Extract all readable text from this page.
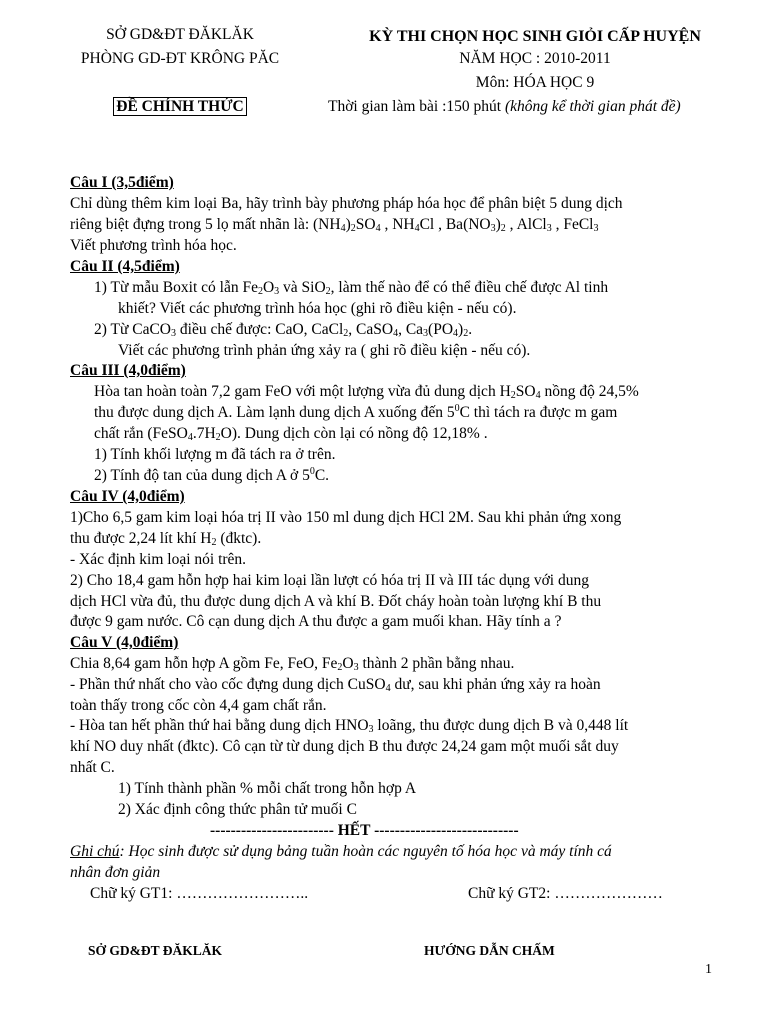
SỞ GD&ĐT ĐĂKLĂK
PHÒNG GD-ĐT KRÔNG PĂC
ĐỀ CHÍNH THỨC
KỲ THI CHỌN HỌC SINH GIỎI CẤP HUYỆN
NĂM HỌC : 2010-2011
Môn: HÓA HỌC 9
Thời gian làm bài :150 phút (không kể thời gian phát đề)
Câu I (3,5điểm)
Chỉ dùng thêm kim loại Ba, hãy trình bày phương pháp hóa học để phân biệt 5 dung dịch
riêng biệt đựng trong 5 lọ mất nhãn là: $(NH_4)_2SO_4$ , $NH_4Cl$ , $Ba(NO_3)_2$ , AlCl$_3$ , FeCl$_3$
Viết phương trình hóa học.
Câu II (4,5điểm)
1) Từ mẫu Boxit có lẫn $Fe_2O_3$ và SiO$_2$, làm thế nào để có thể điều chế được Al tinh
khiết? Viết các phương trình hóa học (ghi rõ điều kiện - nếu có).
2) Từ CaCO$_3$ điều chế được: CaO, CaCl$_2$, CaSO$_4$, $Ca_3(PO_4)_2$.
Viết các phương trình phản ứng xảy ra ( ghi rõ điều kiện - nếu có).
Câu III (4,0điểm)
Hòa tan hoàn toàn 7,2 gam FeO với một lượng vừa đủ dung dịch $H_2SO_4$ nồng độ 24,5%
thu được dung dịch A. Làm lạnh dung dịch A xuống đến $5^0C$ thì tách ra được m gam
chất rắn $(FeSO_4.7H_2O)$. Dung dịch còn lại có nồng độ 12,18% .
1) Tính khối lượng m đã tách ra ở trên.
2) Tính độ tan của dung dịch A ở $5^0C$.
Câu IV (4,0điểm)
1)Cho 6,5 gam kim loại hóa trị II vào 150 ml dung dịch HCl 2M. Sau khi phản ứng xong
thu được 2,24 lít khí $H_2$ (đktc).
- Xác định kim loại nói trên.
2) Cho 18,4 gam hỗn hợp hai kim loại lần lượt có hóa trị II và III tác dụng với dung
dịch HCl vừa đủ, thu được dung dịch A và khí B. Đốt cháy hoàn toàn lượng khí B thu
được 9 gam nước. Cô cạn dung dịch A thu được a gam muối khan. Hãy tính a ?
Câu V (4,0điểm)
Chia 8,64 gam hỗn hợp A gồm Fe, FeO, $Fe_2O_3$ thành 2 phần bằng nhau.
- Phần thứ nhất cho vào cốc đựng dung dịch CuSO$_4$ dư, sau khi phản ứng xảy ra hoàn
toàn thấy trong cốc còn 4,4 gam chất rắn.
- Hòa tan hết phần thứ hai bằng dung dịch $HNO_3$ loãng, thu được dung dịch B và 0,448 lít
khí NO duy nhất (đktc). Cô cạn từ từ dung dịch B thu được 24,24 gam một muối sắt duy
nhất C.
1) Tính thành phần % mỗi chất trong hỗn hợp A
2) Xác định công thức phân tử muối C
------------------------ HẾT ----------------------------
Ghi chú: Học sinh được sử dụng bảng tuần hoàn các nguyên tố hóa học và máy tính cá
nhân đơn giản
Chữ ký GT1: ……………………..	Chữ ký GT2: …………………
SỞ GD&ĐT ĐĂKLĂK	HƯỚNG DẪN CHẤM
1
